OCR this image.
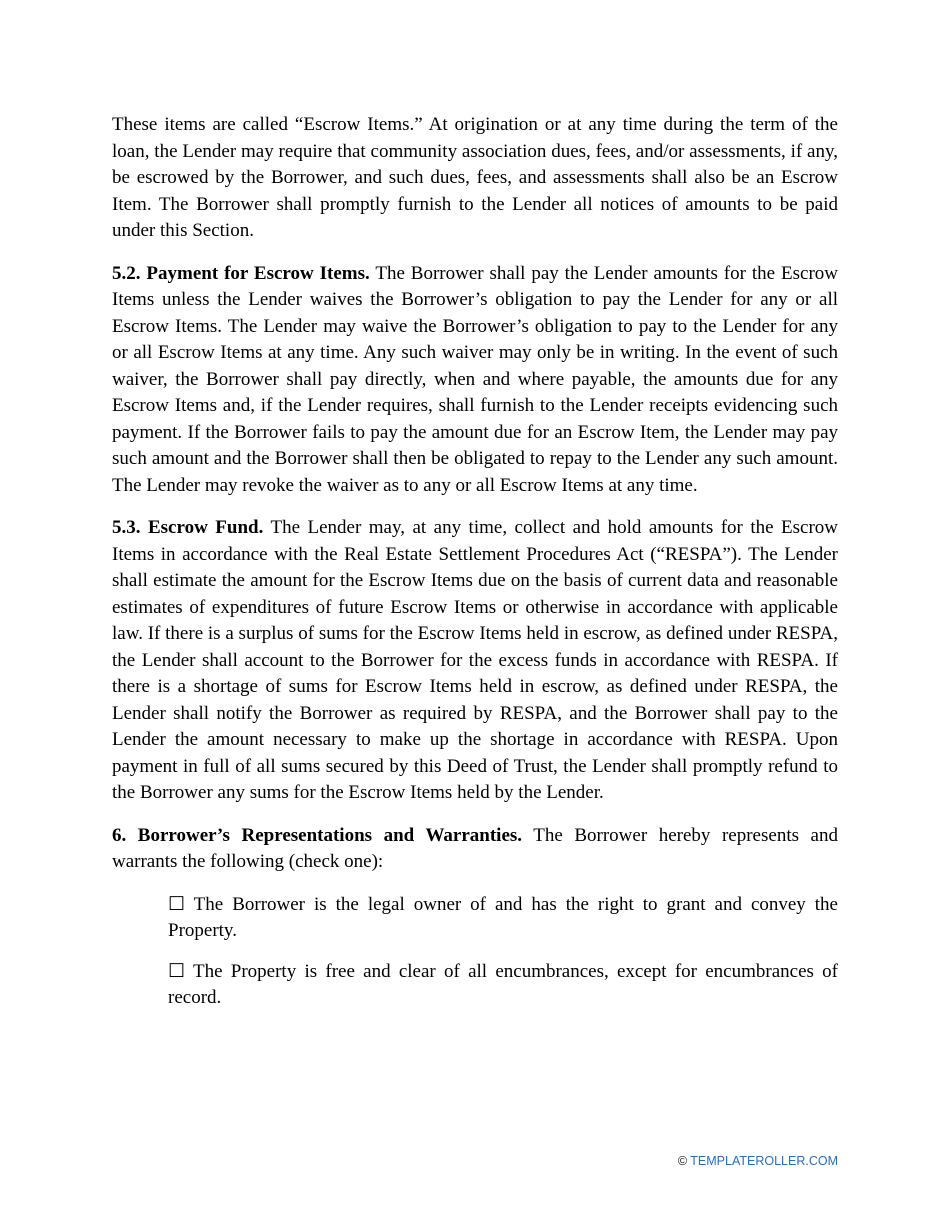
These items are called “Escrow Items.” At origination or at any time during the term of the loan, the Lender may require that community association dues, fees, and/or assessments, if any, be escrowed by the Borrower, and such dues, fees, and assessments shall also be an Escrow Item. The Borrower shall promptly furnish to the Lender all notices of amounts to be paid under this Section.

5.2. Payment for Escrow Items. The Borrower shall pay the Lender amounts for the Escrow Items unless the Lender waives the Borrower’s obligation to pay the Lender for any or all Escrow Items. The Lender may waive the Borrower’s obligation to pay to the Lender for any or all Escrow Items at any time. Any such waiver may only be in writing. In the event of such waiver, the Borrower shall pay directly, when and where payable, the amounts due for any Escrow Items and, if the Lender requires, shall furnish to the Lender receipts evidencing such payment. If the Borrower fails to pay the amount due for an Escrow Item, the Lender may pay such amount and the Borrower shall then be obligated to repay to the Lender any such amount. The Lender may revoke the waiver as to any or all Escrow Items at any time.

5.3. Escrow Fund. The Lender may, at any time, collect and hold amounts for the Escrow Items in accordance with the Real Estate Settlement Procedures Act (“RESPA”). The Lender shall estimate the amount for the Escrow Items due on the basis of current data and reasonable estimates of expenditures of future Escrow Items or otherwise in accordance with applicable law. If there is a surplus of sums for the Escrow Items held in escrow, as defined under RESPA, the Lender shall account to the Borrower for the excess funds in accordance with RESPA. If there is a shortage of sums for Escrow Items held in escrow, as defined under RESPA, the Lender shall notify the Borrower as required by RESPA, and the Borrower shall pay to the Lender the amount necessary to make up the shortage in accordance with RESPA. Upon payment in full of all sums secured by this Deed of Trust, the Lender shall promptly refund to the Borrower any sums for the Escrow Items held by the Lender.

6. Borrower’s Representations and Warranties. The Borrower hereby represents and warrants the following (check one):

☐ The Borrower is the legal owner of and has the right to grant and convey the Property.

☐ The Property is free and clear of all encumbrances, except for encumbrances of record.

© TEMPLATEROLLER.COM
